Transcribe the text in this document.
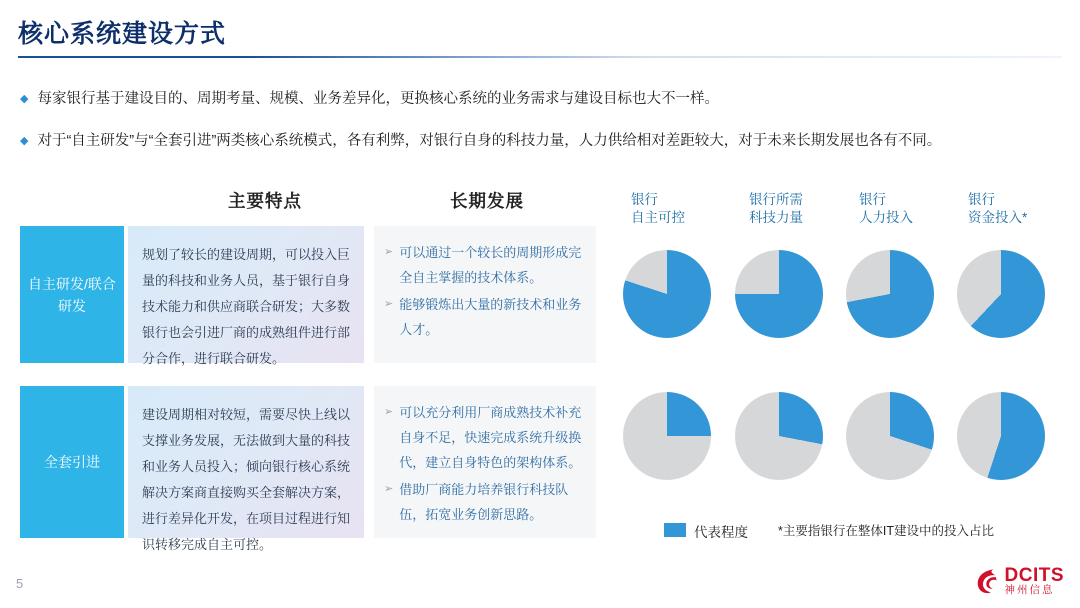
核心系统建设方式
◆ 每家银行基于建设目的、周期考量、规模、业务差异化，更换核心系统的业务需求与建设目标也大不一样。
◆ 对于“自主研发”与“全套引进”两类核心系统模式，各有利弊，对银行自身的科技力量，人力供给相对差距较大，对于未来长期发展也各有不同。
主要特点	长期发展	银行
自主可控
银行所需
科技力量
银行
人力投入
银行
资金投入*
自主研发/联合研发
规划了较长的建设周期，可以投入巨量的科技和业务人员，基于银行自身技术能力和供应商联合研发；大多数银行也会引进厂商的成熟组件进行部分合作，进行联合研发。
➢ 可以通过一个较长的周期形成完全自主掌握的技术体系。
➢ 能够锻炼出大量的新技术和业务人才。
全套引进
建设周期相对较短，需要尽快上线以支撑业务发展，无法做到大量的科技和业务人员投入；倾向银行核心系统解决方案商直接购买全套解决方案，进行差异化开发，在项目过程进行知识转移完成自主可控。
➢ 可以充分利用厂商成熟技术补充自身不足，快速完成系统升级换代，建立自身特色的架构体系。
➢ 借助厂商能力培养银行科技队伍，拓宽业务创新思路。
代表程度 *主要指银行在整体IT建设中的投入占比
5	DCITS
神州信息
